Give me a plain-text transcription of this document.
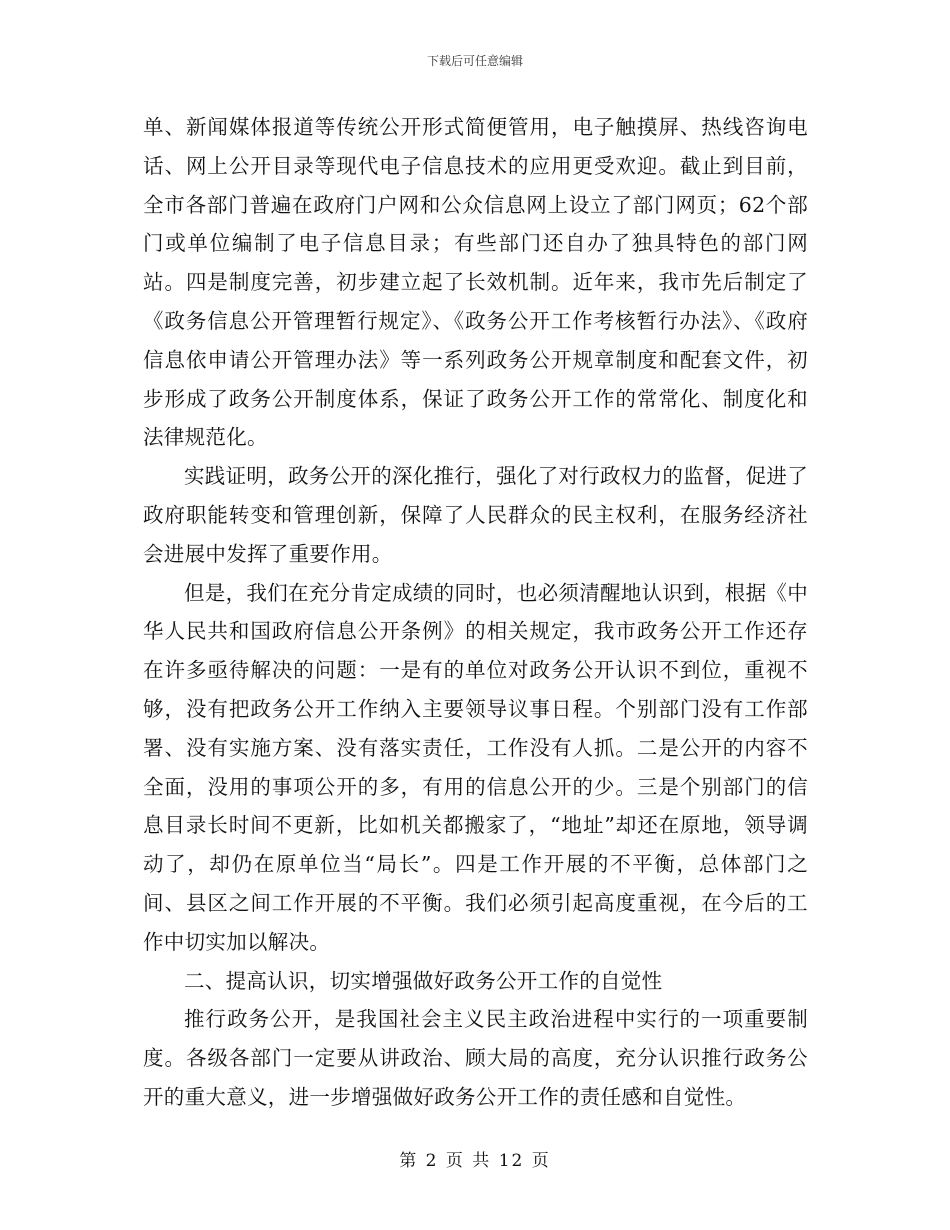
下载后可任意编辑

单、新闻媒体报道等传统公开形式简便管用，电子触摸屏、热线咨询电话、网上公开目录等现代电子信息技术的应用更受欢迎。截止到目前，全市各部门普遍在政府门户网和公众信息网上设立了部门网页；62个部门或单位编制了电子信息目录；有些部门还自办了独具特色的部门网站。四是制度完善，初步建立起了长效机制。近年来，我市先后制定了《政务信息公开管理暂行规定》、《政务公开工作考核暂行办法》、《政府信息依申请公开管理办法》等一系列政务公开规章制度和配套文件，初步形成了政务公开制度体系，保证了政务公开工作的常常化、制度化和法律规范化。

实践证明，政务公开的深化推行，强化了对行政权力的监督，促进了政府职能转变和管理创新，保障了人民群众的民主权利，在服务经济社会进展中发挥了重要作用。

但是，我们在充分肯定成绩的同时，也必须清醒地认识到，根据《中华人民共和国政府信息公开条例》的相关规定，我市政务公开工作还存在许多亟待解决的问题：一是有的单位对政务公开认识不到位，重视不够，没有把政务公开工作纳入主要领导议事日程。个别部门没有工作部署、没有实施方案、没有落实责任，工作没有人抓。二是公开的内容不全面，没用的事项公开的多，有用的信息公开的少。三是个别部门的信息目录长时间不更新，比如机关都搬家了，“地址”却还在原地，领导调动了，却仍在原单位当“局长”。四是工作开展的不平衡，总体部门之间、县区之间工作开展的不平衡。我们必须引起高度重视，在今后的工作中切实加以解决。

二、提高认识，切实增强做好政务公开工作的自觉性

推行政务公开，是我国社会主义民主政治进程中实行的一项重要制度。各级各部门一定要从讲政治、顾大局的高度，充分认识推行政务公开的重大意义，进一步增强做好政务公开工作的责任感和自觉性。

第 2 页 共 12 页
